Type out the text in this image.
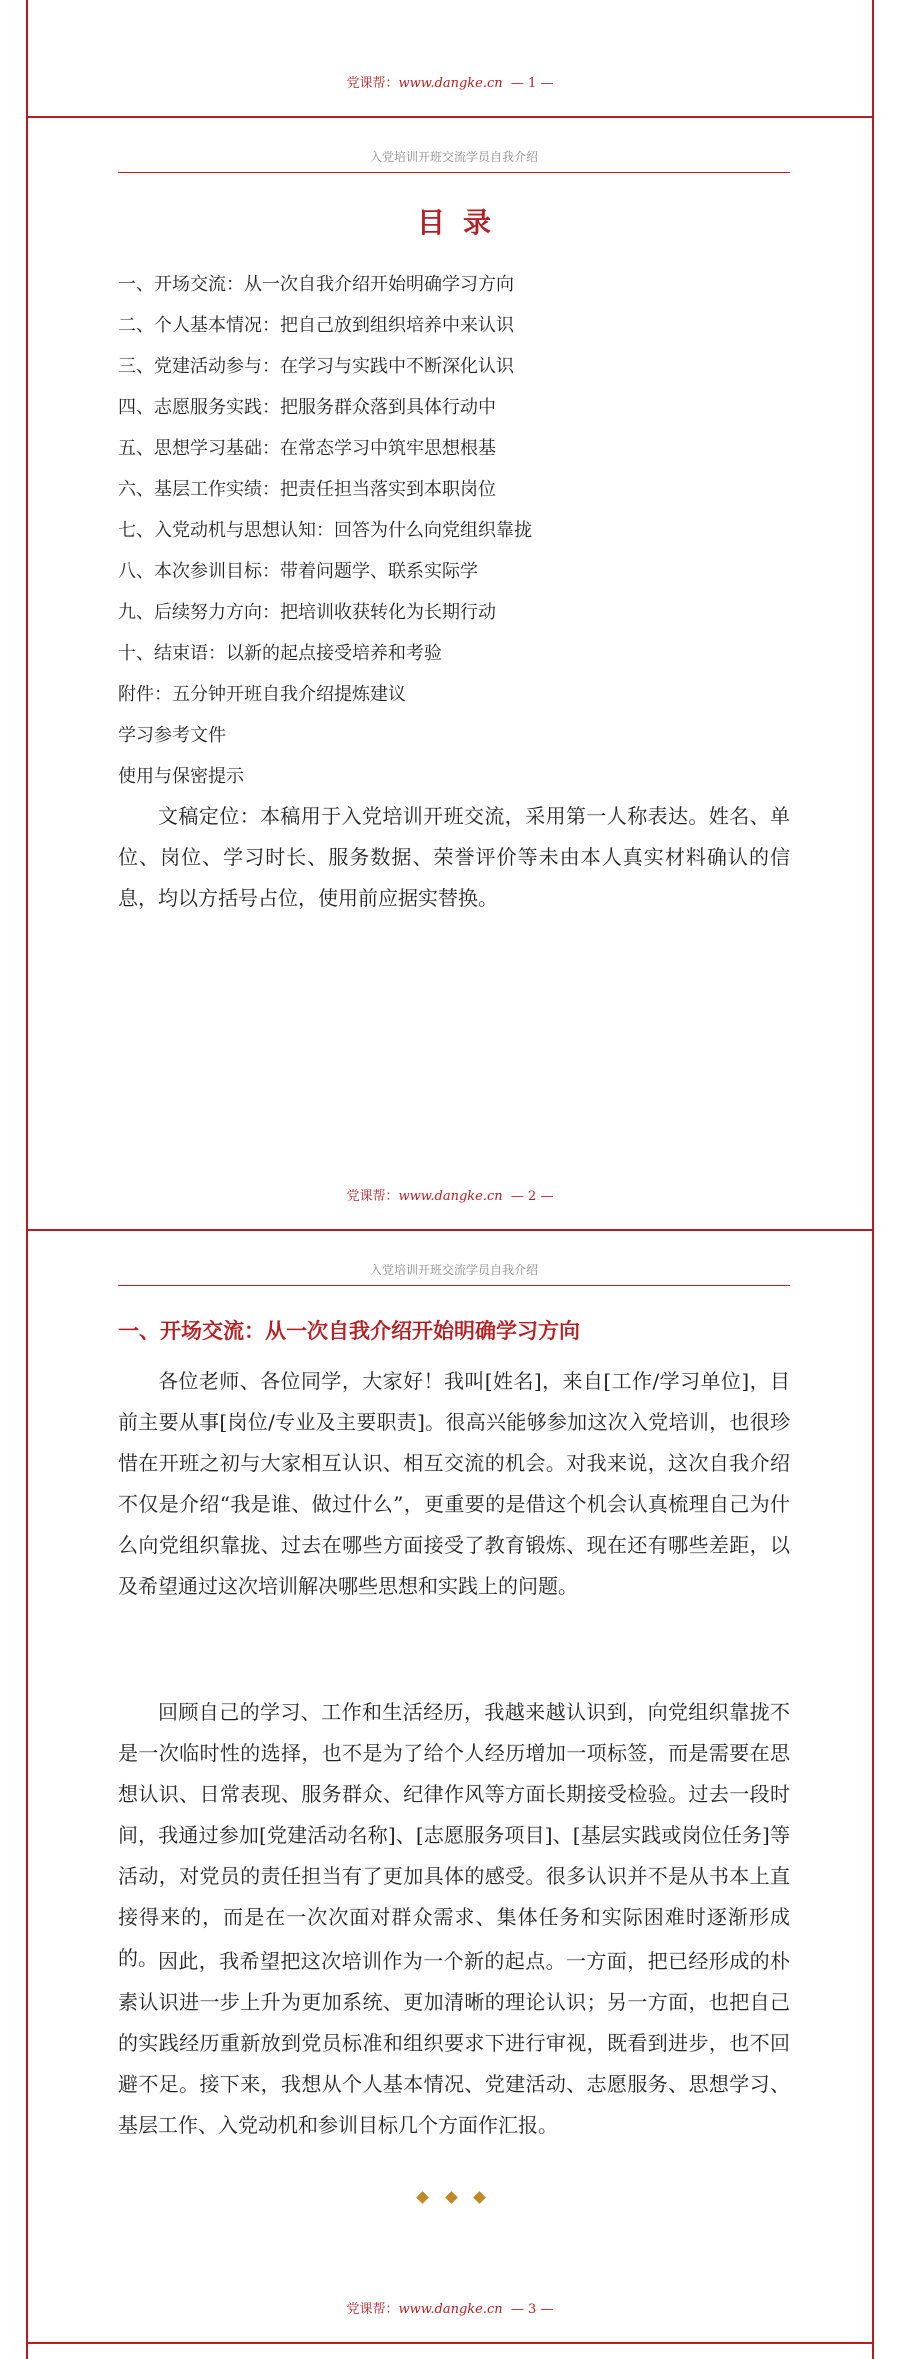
党课帮：www.dangke.cn — 1 —
入党培训开班交流学员自我介绍
目录
一、开场交流：从一次自我介绍开始明确学习方向
二、个人基本情况：把自己放到组织培养中来认识
三、党建活动参与：在学习与实践中不断深化认识
四、志愿服务实践：把服务群众落到具体行动中
五、思想学习基础：在常态学习中筑牢思想根基
六、基层工作实绩：把责任担当落实到本职岗位
七、入党动机与思想认知：回答为什么向党组织靠拢
八、本次参训目标：带着问题学、联系实际学
九、后续努力方向：把培训收获转化为长期行动
十、结束语：以新的起点接受培养和考验
附件：五分钟开班自我介绍提炼建议
学习参考文件
使用与保密提示

文稿定位：本稿用于入党培训开班交流，采用第一人称表达。姓名、单位、岗位、学习时长、服务数据、荣誉评价等未由本人真实材料确认的信息，均以方括号占位，使用前应据实替换。

党课帮：www.dangke.cn — 2 —
入党培训开班交流学员自我介绍
一、开场交流：从一次自我介绍开始明确学习方向

各位老师、各位同学，大家好！我叫[姓名]，来自[工作/学习单位]，目前主要从事[岗位/专业及主要职责]。很高兴能够参加这次入党培训，也很珍惜在开班之初与大家相互认识、相互交流的机会。对我来说，这次自我介绍不仅是介绍“我是谁、做过什么”，更重要的是借这个机会认真梳理自己为什么向党组织靠拢、过去在哪些方面接受了教育锻炼、现在还有哪些差距，以及希望通过这次培训解决哪些思想和实践上的问题。

回顾自己的学习、工作和生活经历，我越来越认识到，向党组织靠拢不是一次临时性的选择，也不是为了给个人经历增加一项标签，而是需要在思想认识、日常表现、服务群众、纪律作风等方面长期接受检验。过去一段时间，我通过参加[党建活动名称]、[志愿服务项目]、[基层实践或岗位任务]等活动，对党员的责任担当有了更加具体的感受。很多认识并不是从书本上直接得来的，而是在一次次面对群众需求、集体任务和实际困难时逐渐形成的。 因此，我希望把这次培训作为一个新的起点。一方面，把已经形成的朴素认识进一步上升为更加系统、更加清晰的理论认识；另一方面，也把自己的实践经历重新放到党员标准和组织要求下进行审视，既看到进步，也不回避不足。接下来，我想从个人基本情况、党建活动、志愿服务、思想学习、基层工作、入党动机和参训目标几个方面作汇报。

党课帮：www.dangke.cn — 3 —
